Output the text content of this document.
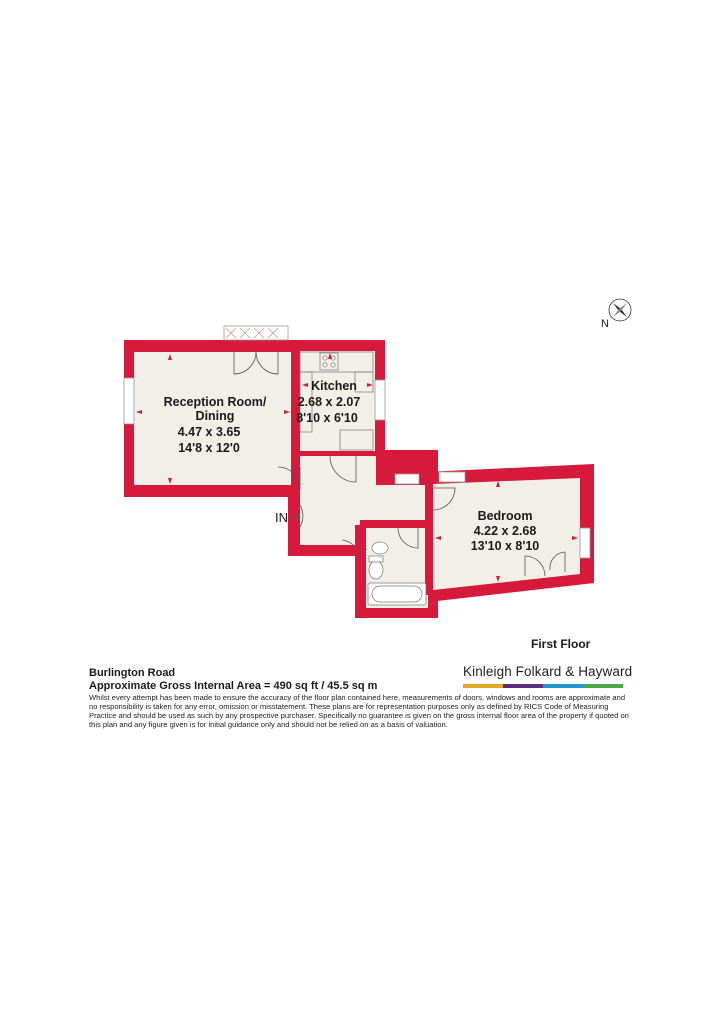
Reception Room/
Dining
4.47 x 3.65
14'8 x 12'0
Kitchen
2.68 x 2.07
8'10 x 6'10
Bedroom
4.22 x 2.68
13'10 x 8'10
IN
N
First Floor
Burlington Road
Approximate Gross Internal Area = 490 sq ft / 45.5 sq m
Whilst every attempt has been made to ensure the accuracy of the floor plan contained here, measurements of doors, windows and rooms are approximate and no responsibility is taken for any error, omission or misstatement. These plans are for representation purposes only as defined by RICS Code of Measuring Practice and should be used as such by any prospective purchaser. Specifically no guarantee is given on the gross internal floor area of the property if quoted on this plan and any figure given is for initial guidance only and should not be relied on as a basis of valuation.
Kinleigh Folkard & Hayward
